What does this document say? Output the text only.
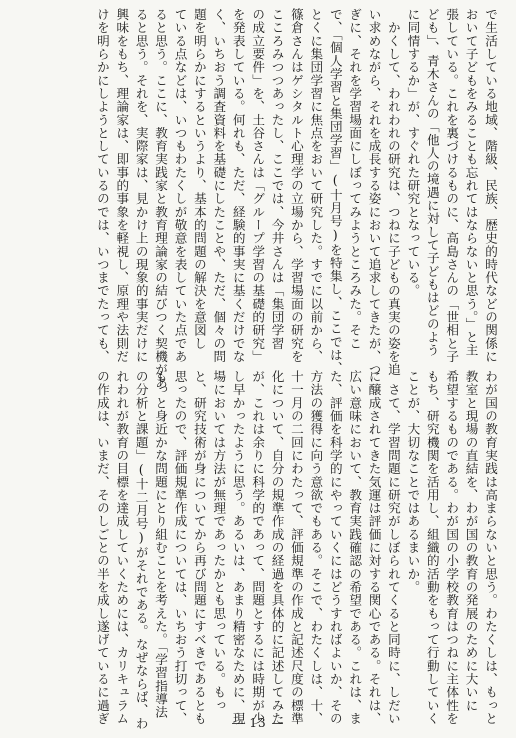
で生活している地域、階級、民族、歴史的時代などの関係に
おいて子どもをみることも忘れてはならないと思う。」と主
張している。これを裏づけるものに、高島さんの「世相と子
ども」、青木さんの「他人の境遇に対して子どもはどのよう
に同情するか」が、すぐれた研究となっている。
　かくして、われわれの研究は、つねに子どもの真実の姿を追
い求めながら、それを成長する姿において追求してきたが、つ
ぎに、それを学習場面にしぼってみようところみた。そこ
で、「個人学習と集団学習」(十月号)を特集し、ここでは、
とくに集団学習に焦点をおいて研究した。すでに以前から、
篠倉さんはゲシタルト心理学の立場から、学習場面の研究を
こころみつつあったし、ここでは、今井さんは「集団学習
の成立要件」を、土谷さんは「グループ学習の基礎的研究」
を発表している。何れも、ただ、経験的事実に基くだけでな
く、いちおう調査資料を基礎にしたことや、ただ、個々の問
題を明らかにするというより、基本的問題の解決を意図し
ている点などは、いつもわたくしが敬意を表していた点であ
ると思う。ここに、教育実践家と教育理論家の結びつく契機があ
ると思う。それを、実際家は、見かけ上の現象的事実だけに
興味をもち、理論家は、即事的事象を軽視し、原理や法則だ
けを明らかにしようとしているのでは、いつまでたっても、
わが国の教育実践は高まらないと思う。わたくしは、もっと
教室と現場の直結を、わが国の教育の発展のために大いに
希望するものである。わが国の小学校教育はつねに主体性を
もち、研究機関を活用し、組織的活動をもって行動していく
ことが、大切なことではあるまいか。
　さて、学習問題に研究がしぼられてくると同時に、しだい
に醸成されてきた気運は評価に対する関心である。それは、
広い意味において、教育実践確認の希望である。これは、ま
た、評価を科学的にやっていくにはどうすればよいか、その
方法の獲得に向う意欲でもある。そこで、わたくしは、十、
十一月の二回にわたって、評価規準の作成と記述尺度の標準
化について、自分の規準作成の経過を具体的に記述してみた
が、これは余りに科学的であって、問題とするには時期が少
し早かったように思う。あるいは、あまり精密なために、現
場においては方法が無理であったかとも思っている。もっ
と、研究技術が身についてから再び問題にすべきであるとも
思ったので、評価規準作成については、いちおう打切って、
もっと身近かな問題にとり組むことを考えた。「学習指導法
の分析と課題」(十二月号)がそれである。なぜならば、わ
れわれが教育の目標を達成していくためには、カリキュラム
の作成は、いまだ、そのしごとの半を成し遂げているに過ぎ	— 13 —
